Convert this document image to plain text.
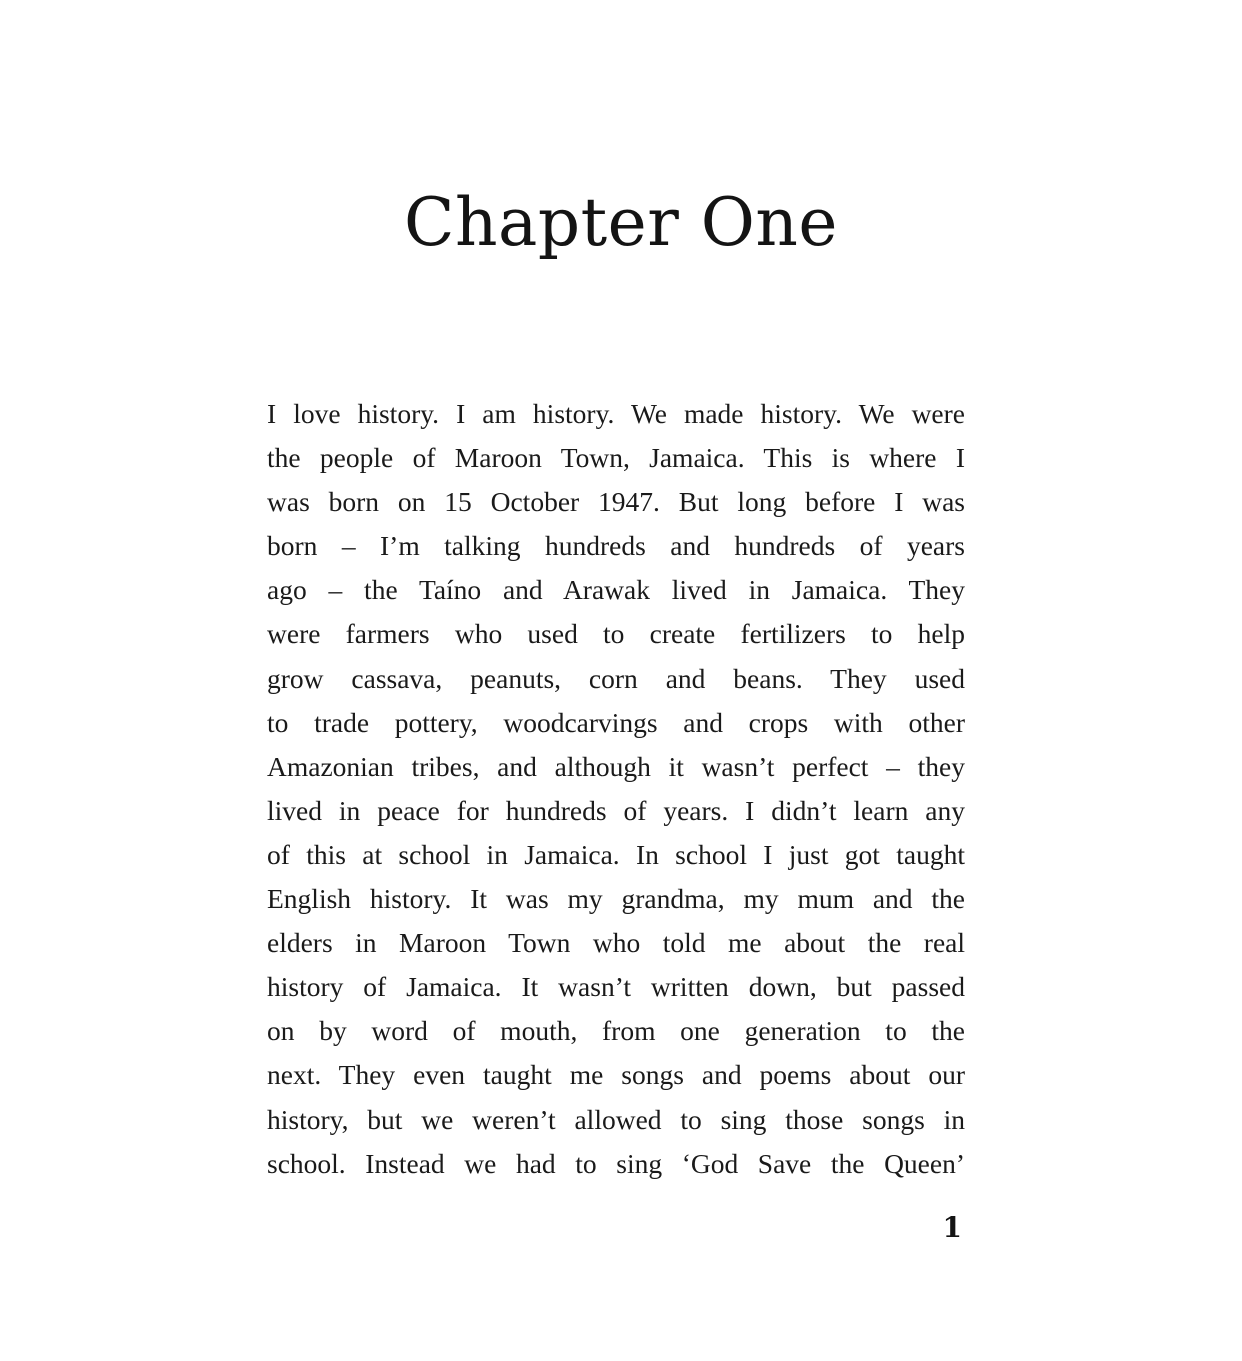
Chapter One
I love history. I am history. We made history. We were
the people of Maroon Town, Jamaica. This is where I
was born on 15 October 1947. But long before I was
born – I’m talking hundreds and hundreds of years
ago – the Taíno and Arawak lived in Jamaica. They
were farmers who used to create fertilizers to help
grow cassava, peanuts, corn and beans. They used
to trade pottery, woodcarvings and crops with other
Amazonian tribes, and although it wasn’t perfect – they
lived in peace for hundreds of years. I didn’t learn any
of this at school in Jamaica. In school I just got taught
English history. It was my grandma, my mum and the
elders in Maroon Town who told me about the real
history of Jamaica. It wasn’t written down, but passed
on by word of mouth, from one generation to the
next. They even taught me songs and poems about our
history, but we weren’t allowed to sing those songs in
school. Instead we had to sing ‘God Save the Queen’
1
